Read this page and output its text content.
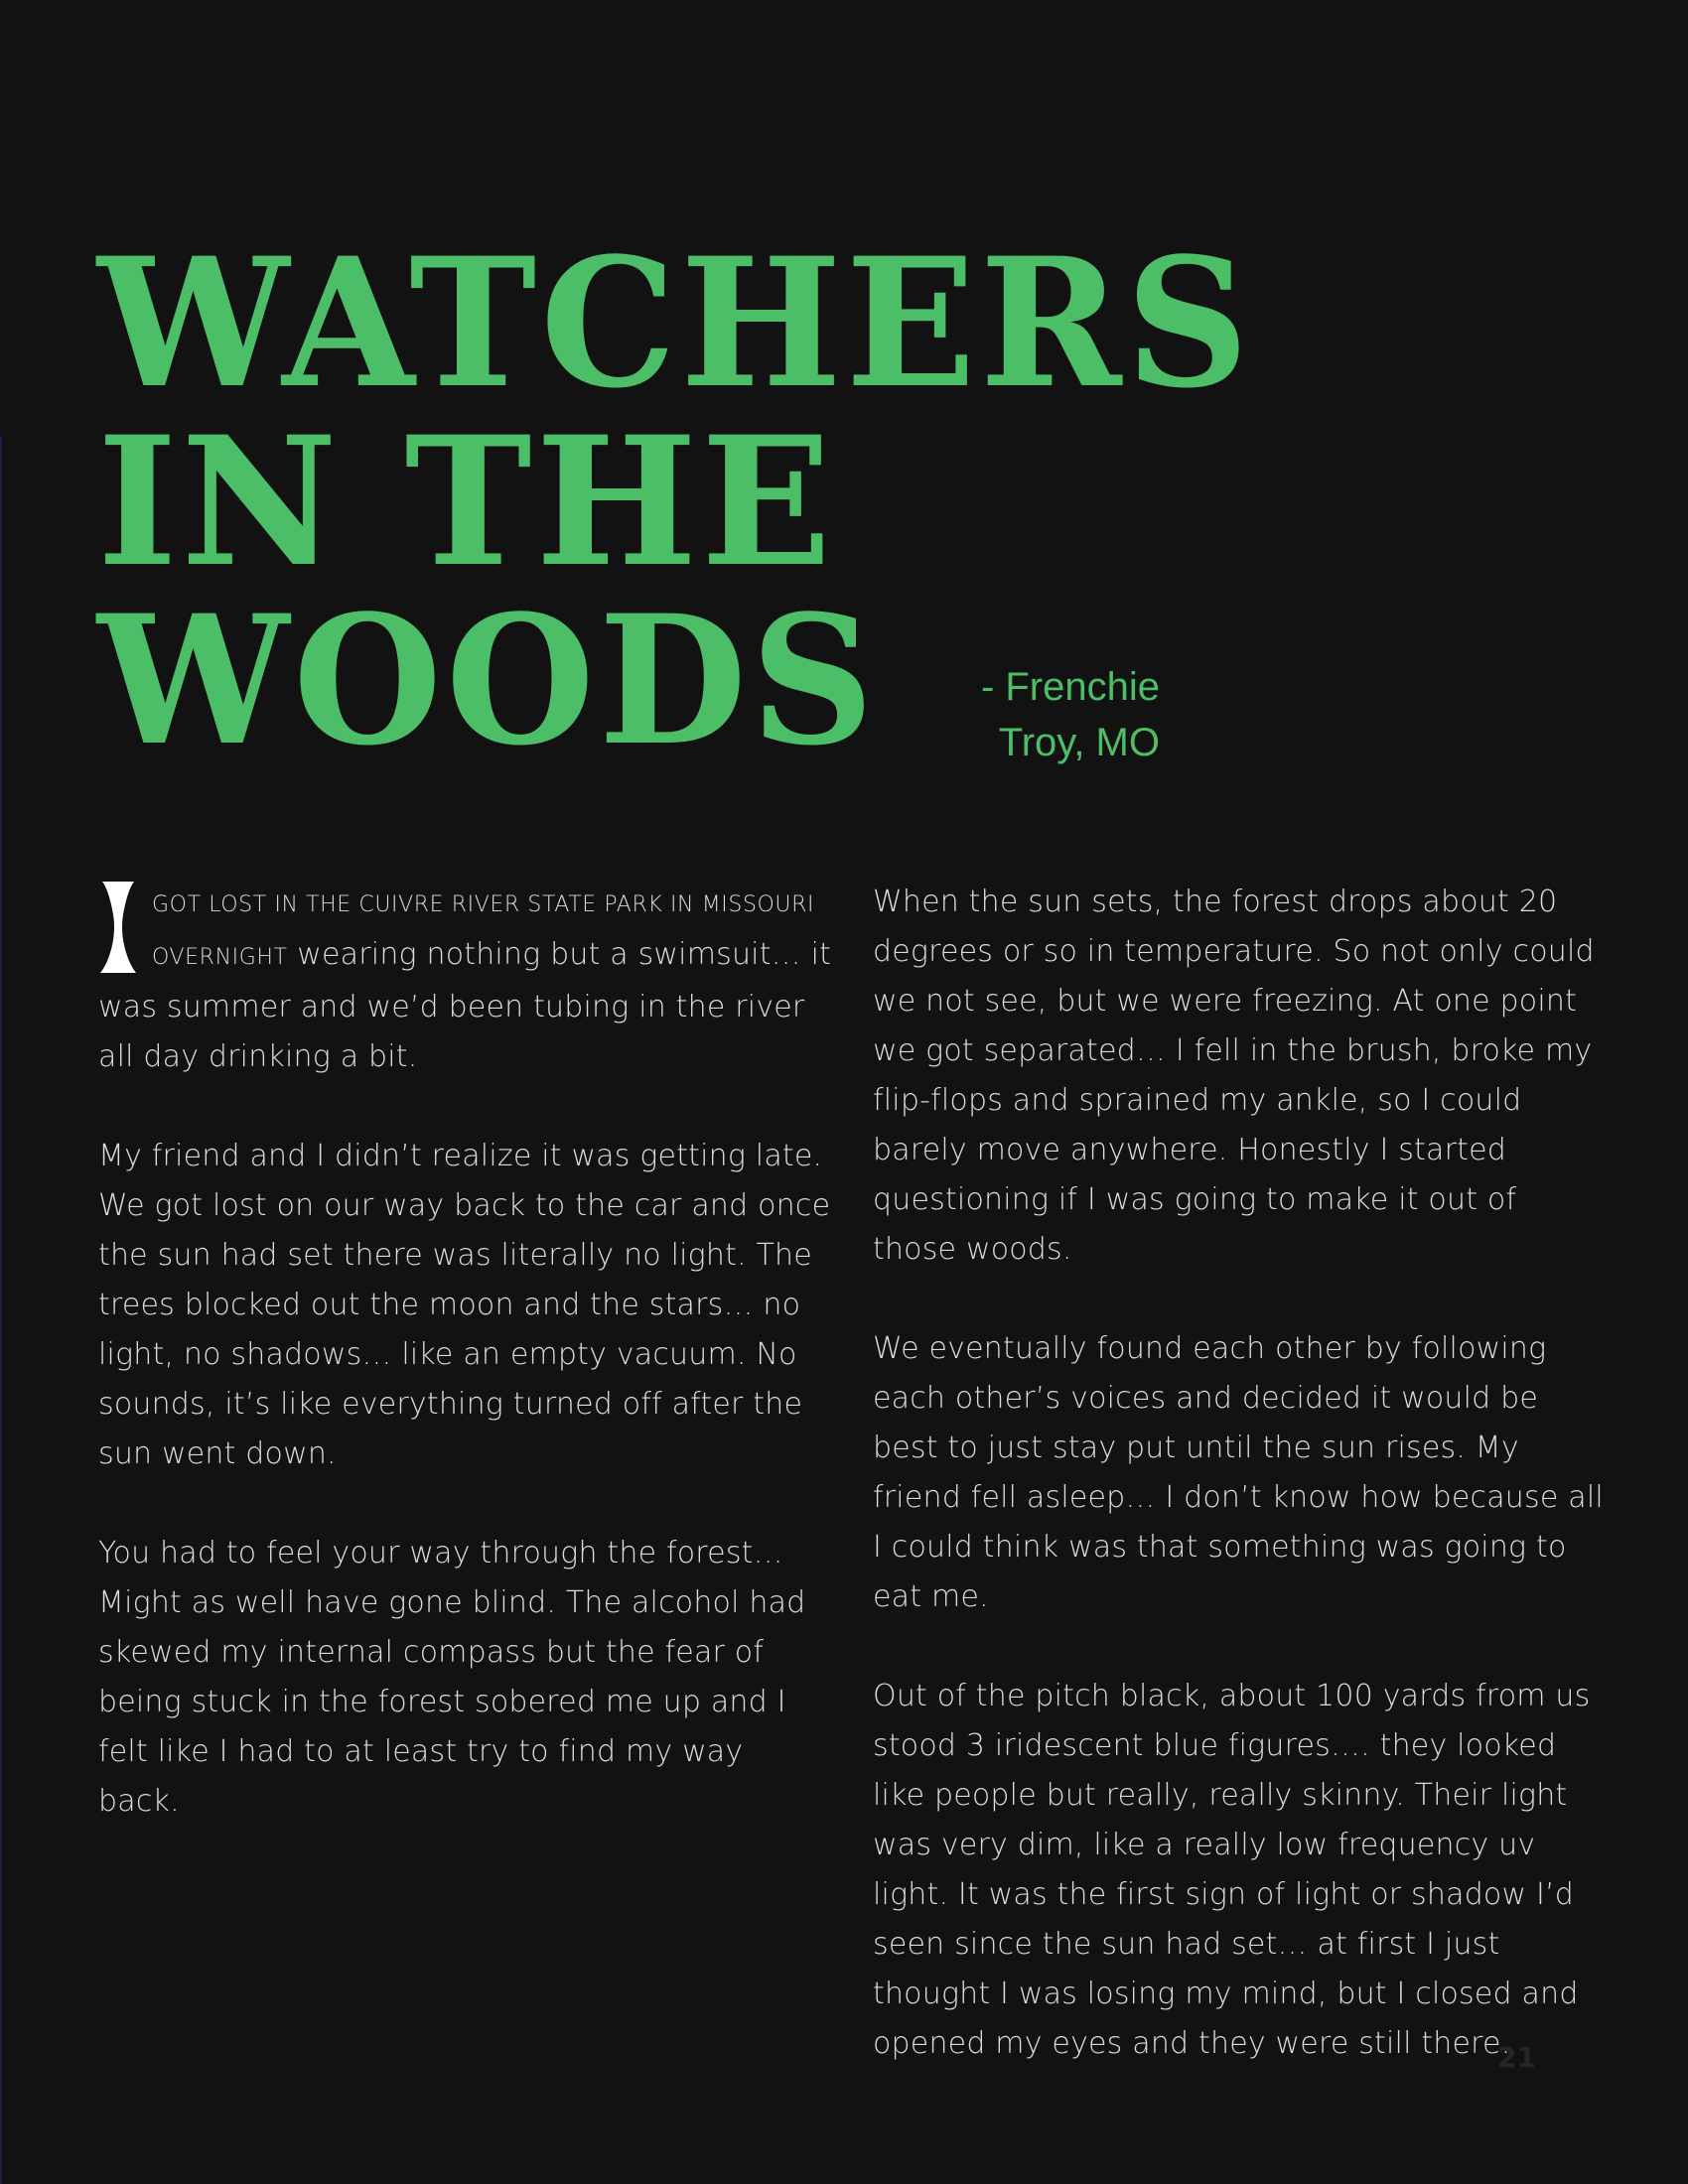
WATCHERS
IN THE
WOODS	- Frenchie
Troy, MO

GOT LOST IN THE CUIVRE RIVER STATE PARK IN MISSOURI OVERNIGHT wearing nothing but a swimsuit… it was summer and we’d been tubing in the river all day drinking a bit.

My friend and I didn’t realize it was getting late. We got lost on our way back to the car and once the sun had set there was literally no light. The trees blocked out the moon and the stars… no light, no shadows… like an empty vacuum. No sounds, it’s like everything turned off after the sun went down.

You had to feel your way through the forest… Might as well have gone blind. The alcohol had skewed my internal compass but the fear of being stuck in the forest sobered me up and I felt like I had to at least try to find my way back.

When the sun sets, the forest drops about 20 degrees or so in temperature. So not only could we not see, but we were freezing. At one point we got separated… I fell in the brush, broke my flip-flops and sprained my ankle, so I could barely move anywhere. Honestly I started questioning if I was going to make it out of those woods.

We eventually found each other by following each other’s voices and decided it would be best to just stay put until the sun rises. My friend fell asleep… I don’t know how because all I could think was that something was going to eat me.

Out of the pitch black, about 100 yards from us stood 3 iridescent blue figures…. they looked like people but really, really skinny. Their light was very dim, like a really low frequency uv light. It was the first sign of light or shadow I’d seen since the sun had set… at first I just thought I was losing my mind, but I closed and opened my eyes and they were still there.

21
